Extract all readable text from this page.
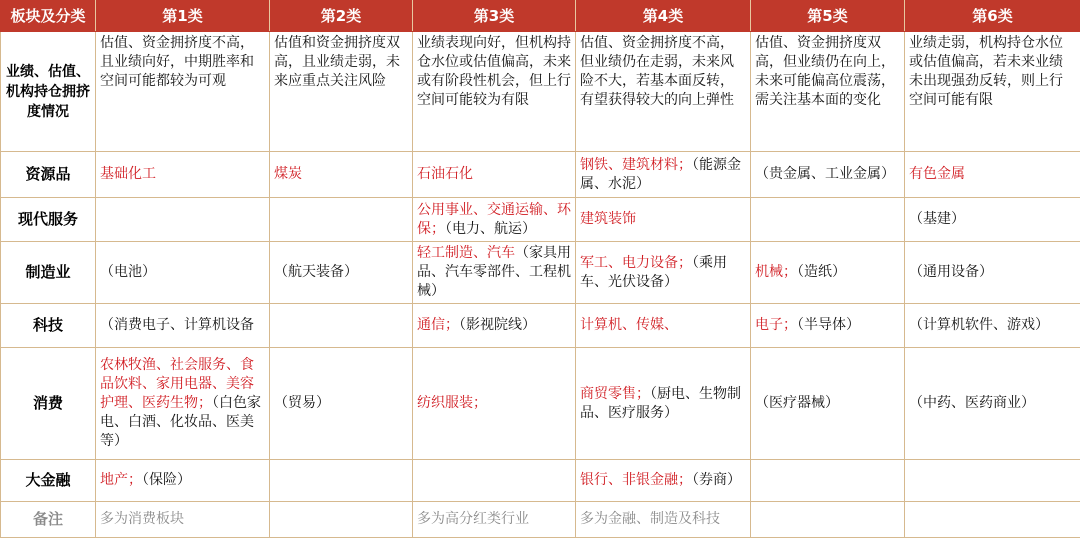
板块及分类	第1类	第2类	第3类	第4类	第5类	第6类
业绩、估值、机构持仓拥挤度情况	估值、资金拥挤度不高，且业绩向好，中期胜率和空间可能都较为可观	估值和资金拥挤度双高，且业绩走弱，未来应重点关注风险	业绩表现向好，但机构持仓水位或估值偏高，未来或有阶段性机会，但上行空间可能较为有限	估值、资金拥挤度不高，但业绩仍在走弱，未来风险不大，若基本面反转，有望获得较大的向上弹性	估值、资金拥挤度双高，但业绩仍在向上，未来可能偏高位震荡，需关注基本面的变化	业绩走弱，机构持仓水位或估值偏高，若未来业绩未出现强劲反转，则上行空间可能有限
资源品	基础化工	煤炭	石油石化	钢铁、建筑材料；（能源金属、水泥）	（贵金属、工业金属）	有色金属
现代服务			公用事业、交通运输、环保；（电力、航运）	建筑装饰		（基建）
制造业	（电池）	（航天装备）	轻工制造、汽车（家具用品、汽车零部件、工程机械）	军工、电力设备；（乘用车、光伏设备）	机械；（造纸）	（通用设备）
科技	（消费电子、计算机设备		通信；（影视院线）	计算机、传媒、	电子；（半导体）	（计算机软件、游戏）
消费	农林牧渔、社会服务、食品饮料、家用电器、美容护理、医药生物；（白色家电、白酒、化妆品、医美等）	（贸易）	纺织服装；	商贸零售；（厨电、生物制品、医疗服务）	（医疗器械）	（中药、医药商业）
大金融	地产；（保险）			银行、非银金融；（券商）		
备注	多为消费板块		多为高分红类行业	多为金融、制造及科技		
